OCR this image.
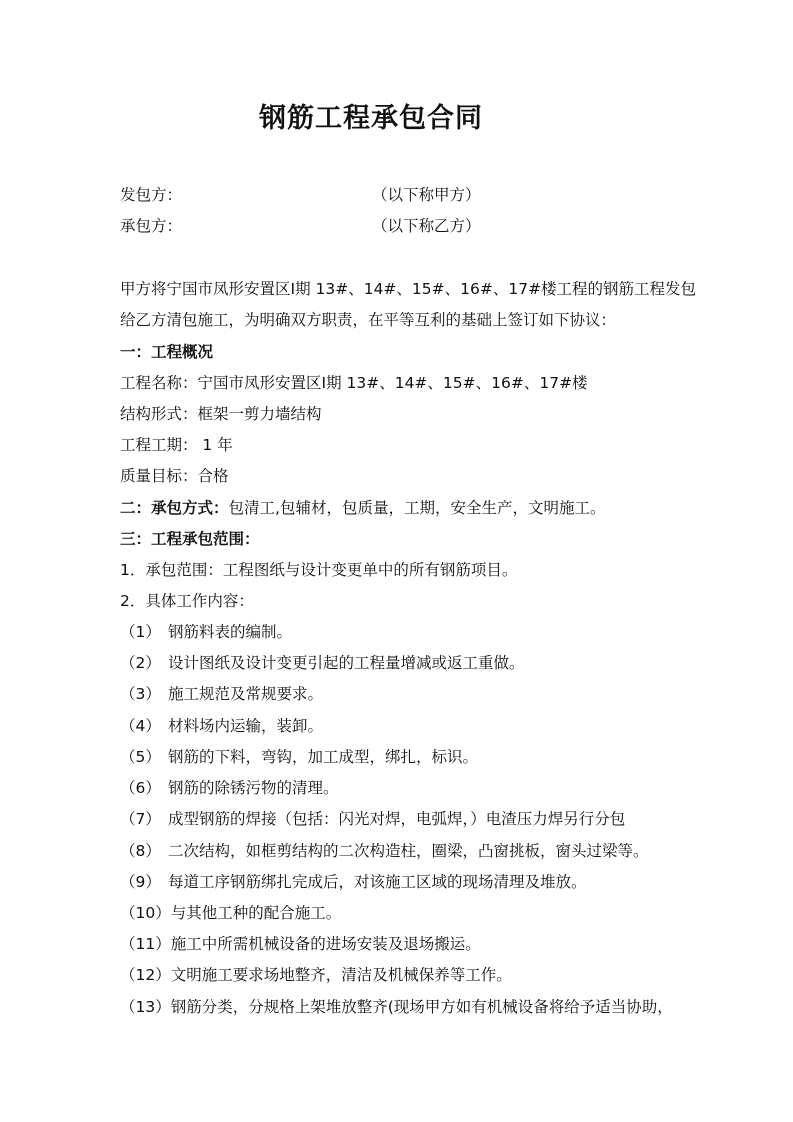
钢筋工程承包合同
发包方：	（以下称甲方）
承包方：	（以下称乙方）
甲方将宁国市凤形安置区Ⅰ期 13#、14#、15#、16#、17#楼工程的钢筋工程发包
给乙方清包施工，为明确双方职责，在平等互利的基础上签订如下协议：
一：工程概况
工程名称：宁国市凤形安置区Ⅰ期 13#、14#、15#、16#、17#楼
结构形式：框架一剪力墙结构
工程工期： 1 年
质量目标：合格
二：承包方式：包清工,包辅材，包质量，工期，安全生产，文明施工。
三：工程承包范围：
1．承包范围：工程图纸与设计变更单中的所有钢筋项目。
2．具体工作内容：
（1） 钢筋料表的编制。
（2） 设计图纸及设计变更引起的工程量增减或返工重做。
（3） 施工规范及常规要求。
（4） 材料场内运输，装卸。
（5） 钢筋的下料，弯钩，加工成型，绑扎，标识。
（6） 钢筋的除锈污物的清理。
（7） 成型钢筋的焊接（包括：闪光对焊，电弧焊，）电渣压力焊另行分包
（8） 二次结构，如框剪结构的二次构造柱，圈梁，凸窗挑板，窗头过梁等。
（9） 每道工序钢筋绑扎完成后，对该施工区域的现场清理及堆放。
（10）与其他工种的配合施工。
（11）施工中所需机械设备的进场安装及退场搬运。
（12）文明施工要求场地整齐，清洁及机械保养等工作。
（13）钢筋分类，分规格上架堆放整齐(现场甲方如有机械设备将给予适当协助，
